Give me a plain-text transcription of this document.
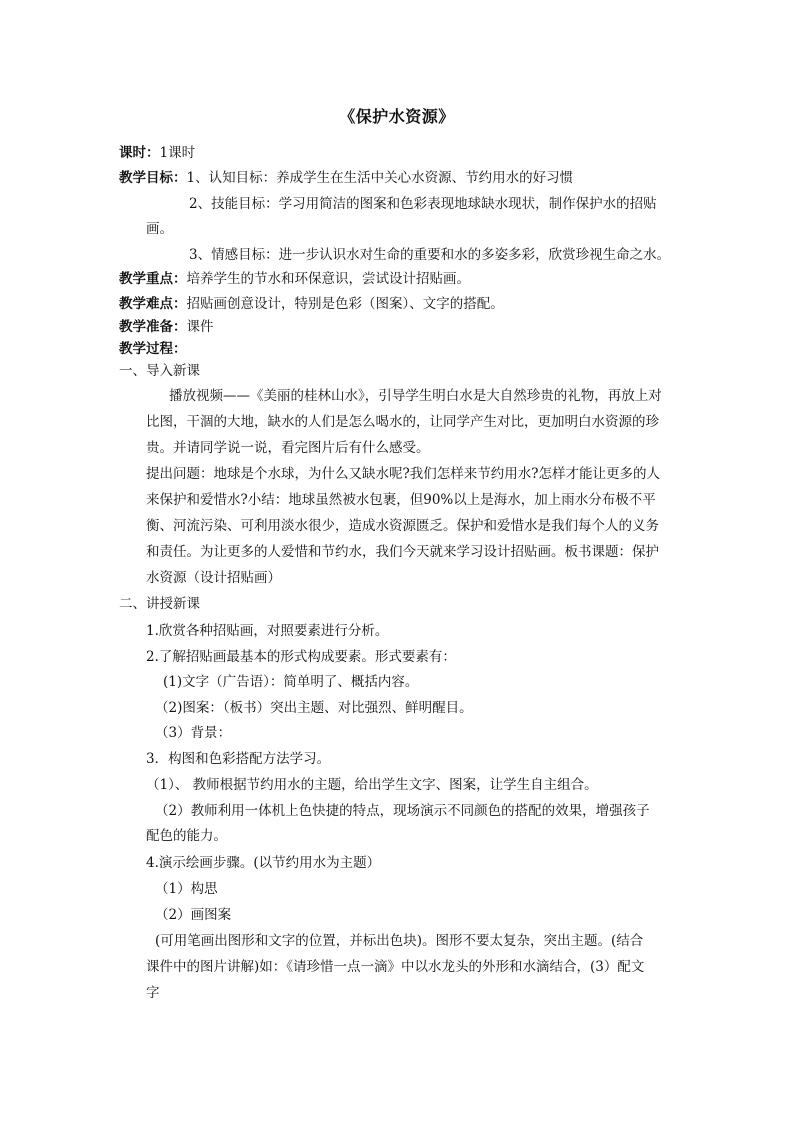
《保护水资源》
课时：1课时
教学目标：1、认知目标：养成学生在生活中关心水资源、节约用水的好习惯
2、技能目标：学习用简洁的图案和色彩表现地球缺水现状，制作保护水的招贴
画。
3、情感目标：进一步认识水对生命的重要和水的多姿多彩，欣赏珍视生命之水。
教学重点：培养学生的节水和环保意识，尝试设计招贴画。
教学难点：招贴画创意设计，特别是色彩（图案）、文字的搭配。
教学准备：课件
教学过程：
一、导入新课
播放视频——《美丽的桂林山水》，引导学生明白水是大自然珍贵的礼物，再放上对
比图，干涸的大地，缺水的人们是怎么喝水的，让同学产生对比，更加明白水资源的珍
贵。并请同学说一说，看完图片后有什么感受。
提出问题：地球是个水球，为什么又缺水呢?我们怎样来节约用水?怎样才能让更多的人
来保护和爱惜水?小结：地球虽然被水包裹，但90%以上是海水，加上雨水分布极不平
衡、河流污染、可利用淡水很少，造成水资源匮乏。保护和爱惜水是我们每个人的义务
和责任。为让更多的人爱惜和节约水，我们今天就来学习设计招贴画。板书课题：保护
水资源（设计招贴画）
二、讲授新课
1.欣赏各种招贴画，对照要素进行分析。
2.了解招贴画最基本的形式构成要素。形式要素有：
(1)文字（广告语）：简单明了、概括内容。
（2)图案：（板书）突出主题、对比强烈、鲜明醒目。
（3）背景：
3．构图和色彩搭配方法学习。
（1）、 教师根据节约用水的主题，给出学生文字、图案，让学生自主组合。
（2）教师利用一体机上色快捷的特点，现场演示不同颜色的搭配的效果，增强孩子
配色的能力。
4.演示绘画步骤。(以节约用水为主题）
（1）构思
（2）画图案
(可用笔画出图形和文字的位置，并标出色块)。图形不要太复杂，突出主题。(结合
课件中的图片讲解)如：《请珍惜一点一滴》中以水龙头的外形和水滴结合，(3）配文
字
